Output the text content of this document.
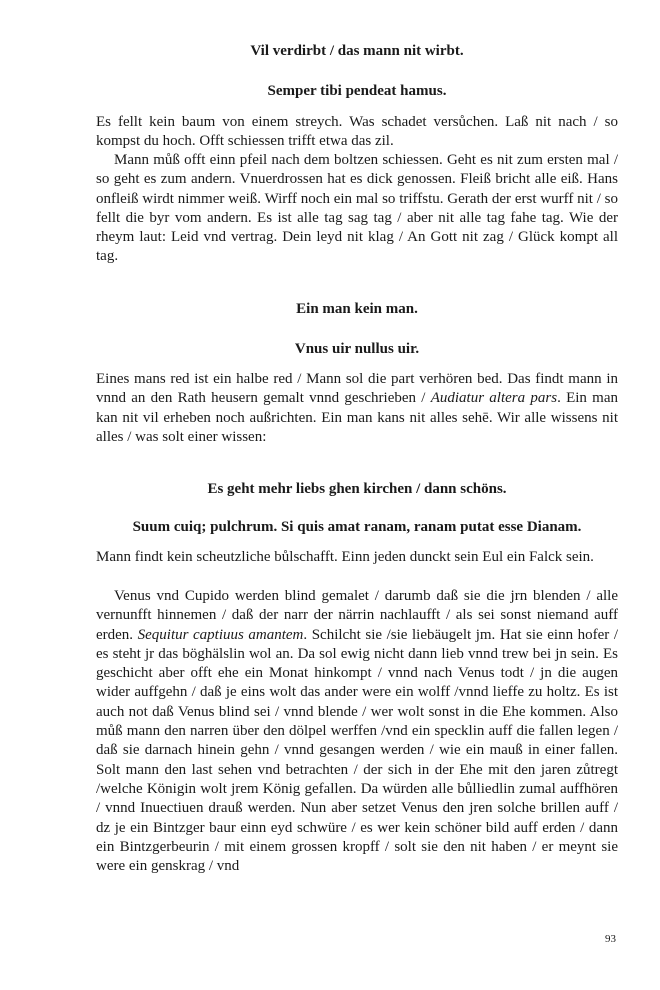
Vil verdirbt / das mann nit wirbt.
Semper tibi pendeat hamus.

Es fellt kein baum von einem streych. Was schadet versůchen. Laß nit nach / so kompst du hoch. Offt schiessen trifft etwa das zil.

Mann můß offt einn pfeil nach dem boltzen schiessen. Geht es nit zum ersten mal / so geht es zum andern. Vnuerdrossen hat es dick genossen. Fleiß bricht alle eiß. Hans onfleiß wirdt nimmer weiß. Wirff noch ein mal so triffstu. Gerath der erst wurff nit / so fellt die byr vom andern. Es ist alle tag sag tag / aber nit alle tag fahe tag. Wie der rheym laut: Leid vnd vertrag. Dein leyd nit klag / An Gott nit zag / Glück kompt all tag.

Ein man kein man.
Vnus uir nullus uir.

Eines mans red ist ein halbe red / Mann sol die part verhören bed. Das findt mann in vnnd an den Rath heusern gemalt vnnd geschrieben / Audiatur altera pars. Ein man kan nit vil erheben noch außrichten. Ein man kans nit alles sehē. Wir alle wissens nit alles / was solt einer wissen:

Es geht mehr liebs ghen kirchen / dann schöns.
Suum cuiq; pulchrum. Si quis amat ranam, ranam putat esse Dianam.

Mann findt kein scheutzliche bůlschafft. Einn jeden dunckt sein Eul ein Falck sein.

Venus vnd Cupido werden blind gemalet / darumb daß sie die jrn blenden / alle vernunfft hinnemen / daß der narr der närrin nachlaufft / als sei sonst niemand auff erden. Sequitur captiuus amantem. Schilcht sie /sie liebäugelt jm. Hat sie einn hofer / es steht jr das böghälslin wol an. Da sol ewig nicht dann lieb vnnd trew bei jn sein. Es geschicht aber offt ehe ein Monat hinkompt / vnnd nach Venus todt / jn die augen wider auffgehn / daß je eins wolt das ander were ein wolff /vnnd lieffe zu holtz. Es ist auch not daß Venus blind sei / vnnd blende / wer wolt sonst in die Ehe kommen. Also můß mann den narren über den dölpel werffen /vnd ein specklin auff die fallen legen / daß sie darnach hinein gehn / vnnd gesangen werden / wie ein mauß in einer fallen. Solt mann den last sehen vnd betrachten / der sich in der Ehe mit den jaren zůtregt /welche Königin wolt jrem König gefallen. Da würden alle bůlliedlin zumal auffhören / vnnd Inuectiuen drauß werden. Nun aber setzet Venus den jren solche brillen auff / dz je ein Bintzger baur einn eyd schwüre / es wer kein schöner bild auff erden / dann ein Bintzgerbeurin / mit einem grossen kropff / solt sie den nit haben / er meynt sie were ein genskrag / vnd

93
